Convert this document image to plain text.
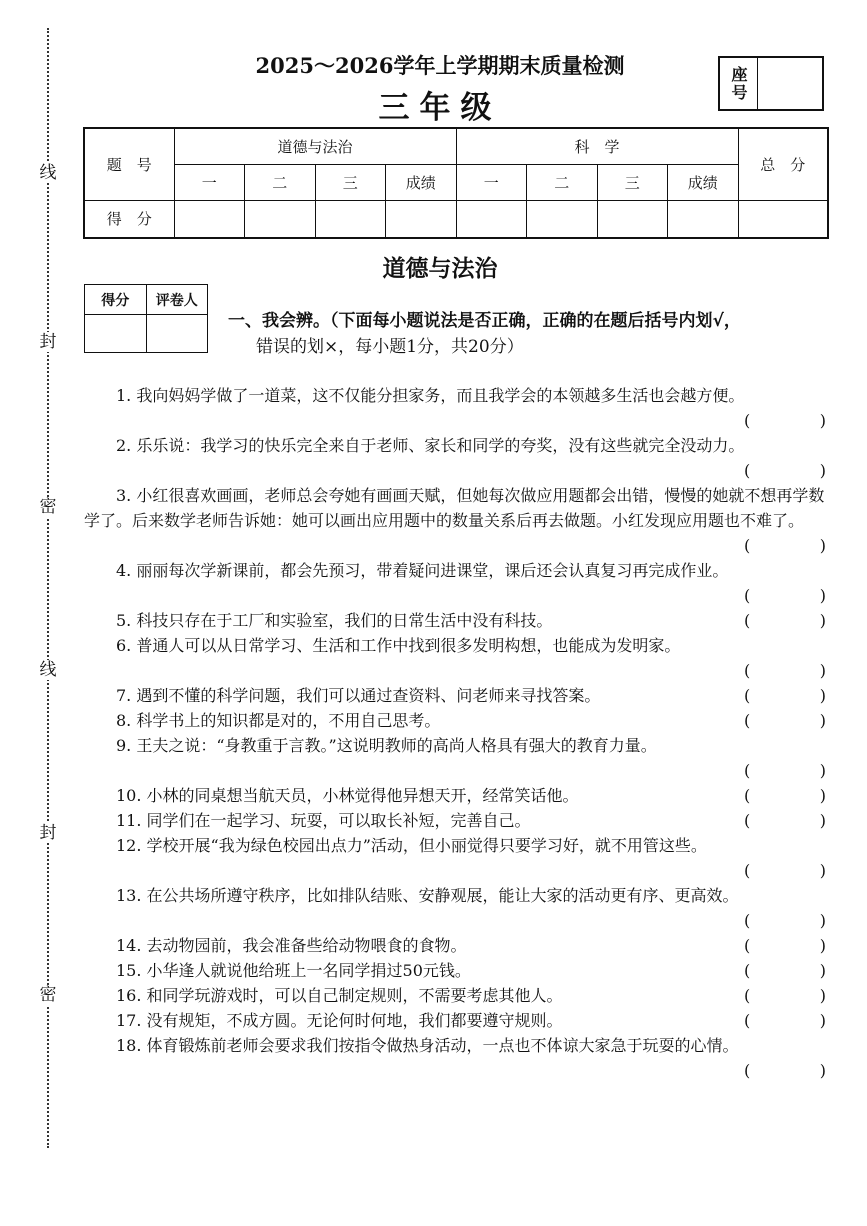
线
封
密
线
封
密
2025～2026学年上学期期末质量检测
三年级
座号
题　号	道德与法治				科　学				总　分
	一	二	三	成绩	一	二	三	成绩	
得　分									
道德与法治
得分	评卷人

一、我会辨。（下面每小题说法是否正确，正确的在题后括号内划√，
错误的划×，每小题1分，共20分）
1. 我向妈妈学做了一道菜，这不仅能分担家务，而且我学会的本领越多生活也会越方便。
(	)
2. 乐乐说：我学习的快乐完全来自于老师、家长和同学的夸奖，没有这些就完全没动力。
(	)
3. 小红很喜欢画画，老师总会夸她有画画天赋，但她每次做应用题都会出错，慢慢的她就不想再学数学了。后来数学老师告诉她：她可以画出应用题中的数量关系后再去做题。小红发现应用题也不难了。
(	)
4. 丽丽每次学新课前，都会先预习，带着疑问进课堂，课后还会认真复习再完成作业。
(	)
5. 科技只存在于工厂和实验室，我们的日常生活中没有科技。	(	)
6. 普通人可以从日常学习、生活和工作中找到很多发明构想，也能成为发明家。

(	)
7. 遇到不懂的科学问题，我们可以通过查资料、问老师来寻找答案。	(	)
8. 科学书上的知识都是对的，不用自己思考。	(	)
9. 王夫之说：“身教重于言教。”这说明教师的高尚人格具有强大的教育力量。

(	)
10. 小林的同桌想当航天员，小林觉得他异想天开，经常笑话他。	(	)
11. 同学们在一起学习、玩耍，可以取长补短，完善自己。	(	)
12. 学校开展“我为绿色校园出点力”活动，但小丽觉得只要学习好，就不用管这些。
(	)
13. 在公共场所遵守秩序，比如排队结账、安静观展，能让大家的活动更有序、更高效。
(	)
14. 去动物园前，我会准备些给动物喂食的食物。	(	)
15. 小华逢人就说他给班上一名同学捐过50元钱。	(	)
16. 和同学玩游戏时，可以自己制定规则，不需要考虑其他人。	(	)
17. 没有规矩，不成方圆。无论何时何地，我们都要遵守规则。	(	)
18. 体育锻炼前老师会要求我们按指令做热身活动，一点也不体谅大家急于玩耍的心情。
(	)
